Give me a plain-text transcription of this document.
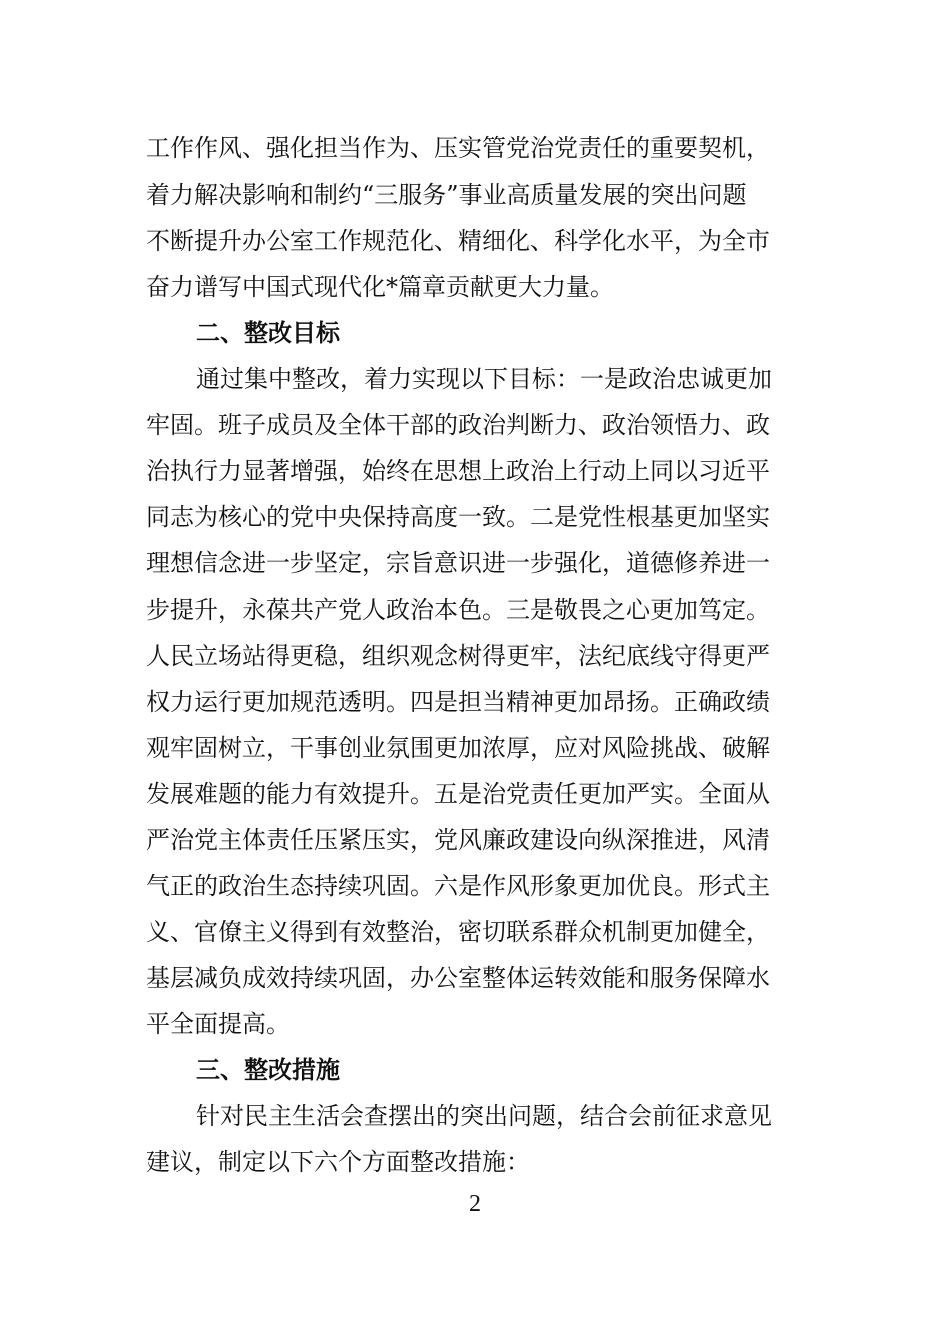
工作作风、强化担当作为、压实管党治党责任的重要契机，
着力解决影响和制约“三服务”事业高质量发展的突出问题
不断提升办公室工作规范化、精细化、科学化水平，为全市
奋力谱写中国式现代化*篇章贡献更大力量。
二、整改目标
通过集中整改，着力实现以下目标：一是政治忠诚更加
牢固。班子成员及全体干部的政治判断力、政治领悟力、政
治执行力显著增强，始终在思想上政治上行动上同以习近平
同志为核心的党中央保持高度一致。二是党性根基更加坚实
理想信念进一步坚定，宗旨意识进一步强化，道德修养进一
步提升，永葆共产党人政治本色。三是敬畏之心更加笃定。
人民立场站得更稳，组织观念树得更牢，法纪底线守得更严
权力运行更加规范透明。四是担当精神更加昂扬。正确政绩
观牢固树立，干事创业氛围更加浓厚，应对风险挑战、破解
发展难题的能力有效提升。五是治党责任更加严实。全面从
严治党主体责任压紧压实，党风廉政建设向纵深推进，风清
气正的政治生态持续巩固。六是作风形象更加优良。形式主
义、官僚主义得到有效整治，密切联系群众机制更加健全，
基层减负成效持续巩固，办公室整体运转效能和服务保障水
平全面提高。
三、整改措施
针对民主生活会查摆出的突出问题，结合会前征求意见
建议，制定以下六个方面整改措施：
2
